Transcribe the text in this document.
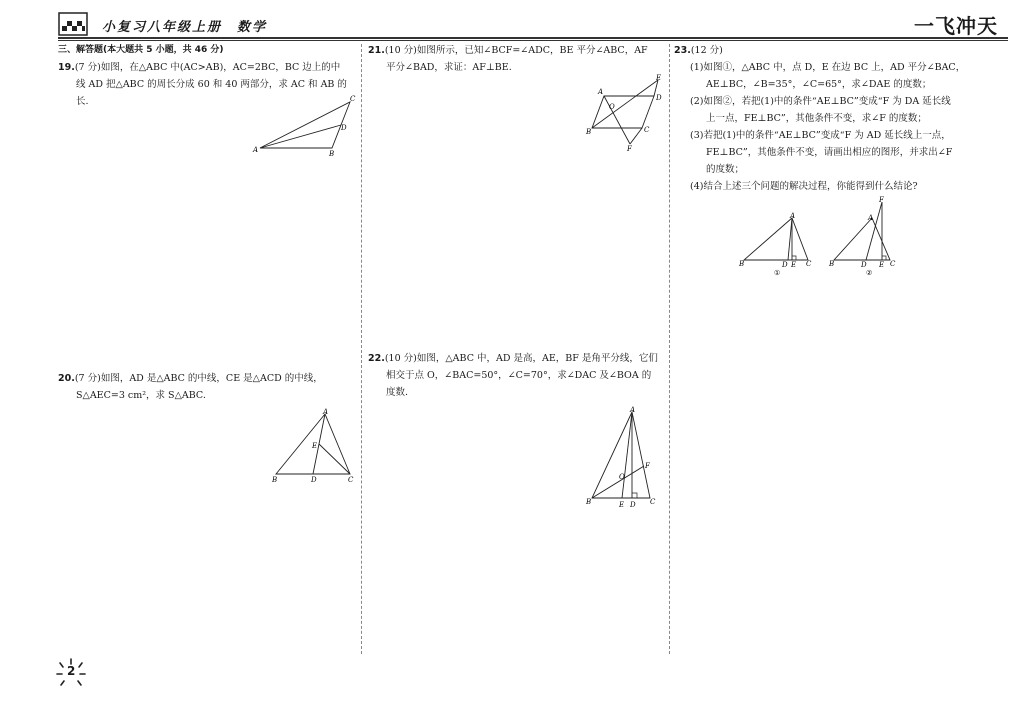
小复习八年级上册　数学	一飞冲天
三、解答题(本大题共 5 小题，共 46 分)
19.(7 分)如图，在△ABC 中(AC>AB)，AC=2BC，BC 边上的中
线 AD 把△ABC 的周长分成 60 和 40 两部分，求 AC 和 AB 的长.
A	B
C
D
20.(7 分)如图，AD 是△ABC 的中线，CE 是△ACD 的中线，
S△AEC=3 cm²，求 S△ABC.
A
B	D	C
E
21.(10 分)如图所示，已知∠BCF=∠ADC，BE 平分∠ABC，AF
平分∠BAD，求证：AF⊥BE.
A
D
B	C
E
F
O
22.(10 分)如图，△ABC 中，AD 是高，AE，BF 是角平分线，它们
相交于点 O，∠BAC=50°，∠C=70°，求∠DAC 及∠BOA 的
度数.
A
B	E D C
F
O
23.(12 分)
(1)如图①，△ABC 中，点 D，E 在边 BC 上，AD 平分∠BAC，
AE⊥BC，∠B=35°，∠C=65°，求∠DAE 的度数；
(2)如图②，若把(1)中的条件“AE⊥BC”变成“F 为 DA 延长线
上一点，FE⊥BC”，其他条件不变，求∠F 的度数；
(3)若把(1)中的条件“AE⊥BC”变成“F 为 AD 延长线上一点，
FE⊥BC”，其他条件不变，请画出相应的图形，并求出∠F
的度数；
(4)结合上述三个问题的解决过程，你能得到什么结论?
A
B	D E C
①
F
A
B	D E C
②
2
